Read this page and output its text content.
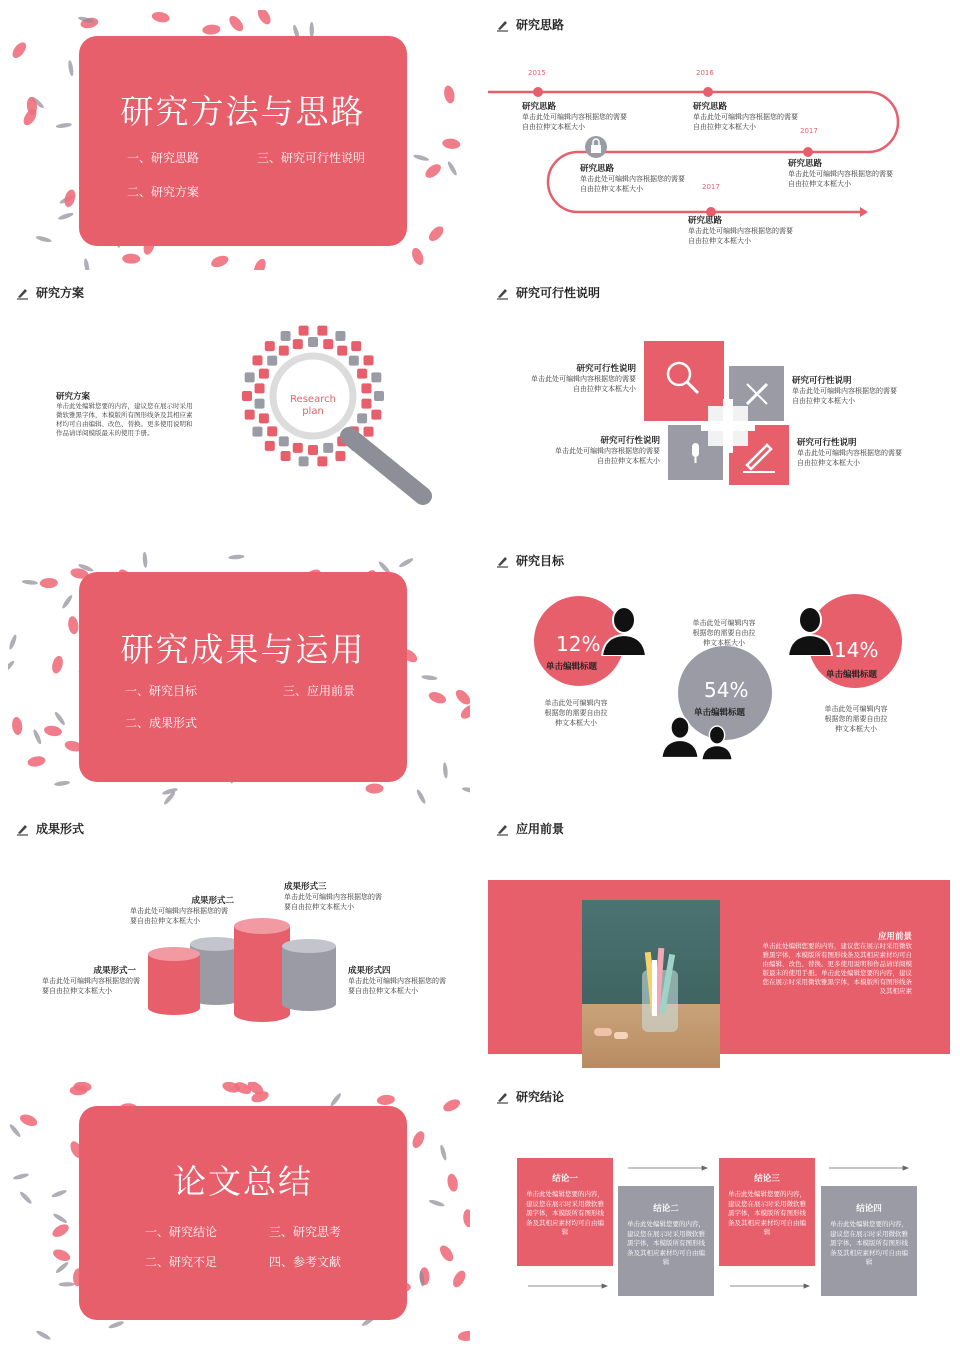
研究方法与思路
一、研究思路	三、研究可行性说明
二、研究方案
研究思路
2015	2016
2017
2017
研究思路
单击此处可编辑内容根据您的需要自由拉伸文本框大小
研究思路
单击此处可编辑内容根据您的需要自由拉伸文本框大小
研究思路
单击此处可编辑内容根据您的需要自由拉伸文本框大小
研究思路
单击此处可编辑内容根据您的需要自由拉伸文本框大小
研究思路
单击此处可编辑内容根据您的需要自由拉伸文本框大小
研究方案
研究方案
单击此处编辑您要的内容，建议您在展示时采用微软雅黑字体，本模版所有图形线条及其相应素材均可自由编辑、改色、替换。更多使用说明和作品请详阅模版最末的使用手册。
Research plan
研究可行性说明
研究可行性说明
单击此处可编辑内容根据您的需要自由拉伸文本框大小
研究可行性说明
单击此处可编辑内容根据您的需要自由拉伸文本框大小
研究可行性说明
单击此处可编辑内容根据您的需要自由拉伸文本框大小
研究可行性说明
单击此处可编辑内容根据您的需要自由拉伸文本框大小
研究成果与运用
一、研究目标	三、应用前景
二、成果形式
研究目标
12%
单击编辑标题
54%
单击编辑标题
14%
单击编辑标题
单击此处可编辑内容根据您的需要自由拉伸文本框大小
单击此处可编辑内容根据您的需要自由拉伸文本框大小
单击此处可编辑内容根据您的需要自由拉伸文本框大小
成果形式
成果形式一
单击此处可编辑内容根据您的需要自由拉伸文本框大小
成果形式二
单击此处可编辑内容根据您的需要自由拉伸文本框大小
成果形式三
单击此处可编辑内容根据您的需要自由拉伸文本框大小
成果形式四
单击此处可编辑内容根据您的需要自由拉伸文本框大小
应用前景
应用前景
单击此处编辑您要的内容，建议您在展示时采用微软雅黑字体，本模版所有图形线条及其相应素材均可自由编辑、改色、替换。更多使用说明和作品请详阅模版最末的使用手册。单击此处编辑您要的内容，建议您在展示时采用微软雅黑字体，本模版所有图形线条及其相应素
论文总结
一、研究结论	三、研究思考
二、研究不足	四、参考文献
研究结论
结论一
单击此处编辑您要的内容，建议您在展示时采用微软雅黑字体，本模版所有图形线条及其相应素材均可自由编辑
结论二
单击此处编辑您要的内容，建议您在展示时采用微软雅黑字体，本模版所有图形线条及其相应素材均可自由编辑
结论三
单击此处编辑您要的内容，建议您在展示时采用微软雅黑字体，本模版所有图形线条及其相应素材均可自由编辑
结论四
单击此处编辑您要的内容，建议您在展示时采用微软雅黑字体，本模版所有图形线条及其相应素材均可自由编辑
